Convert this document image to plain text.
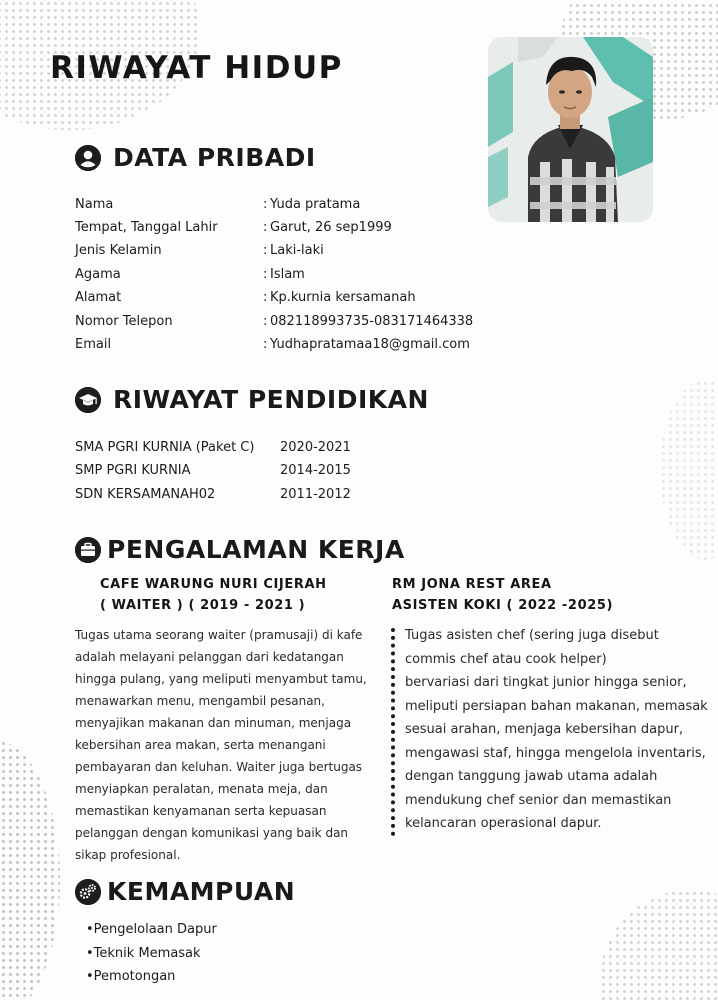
RIWAYAT HIDUP
DATA PRIBADI
Nama	: Yuda pratama
Tempat, Tanggal Lahir	: Garut, 26 sep1999
Jenis Kelamin	: Laki-laki
Agama	: Islam
Alamat	: Kp.kurnia kersamanah
Nomor Telepon	: 082118993735-083171464338
Email	: Yudhapratamaa18@gmail.com
RIWAYAT PENDIDIKAN
SMA PGRI KURNIA (Paket C) 2020-2021
SMP PGRI KURNIA	2014-2015
SDN KERSAMANAH02	2011-2012
PENGALAMAN KERJA
CAFE WARUNG NURI CIJERAH
( WAITER ) ( 2019 - 2021 )
RM JONA REST AREA
ASISTEN KOKI ( 2022 -2025)
Tugas utama seorang waiter (pramusaji) di kafe
adalah melayani pelanggan dari kedatangan
hingga pulang, yang meliputi menyambut tamu,
menawarkan menu, mengambil pesanan,
menyajikan makanan dan minuman, menjaga
kebersihan area makan, serta menangani
pembayaran dan keluhan. Waiter juga bertugas
menyiapkan peralatan, menata meja, dan
memastikan kenyamanan serta kepuasan
pelanggan dengan komunikasi yang baik dan
sikap profesional.
Tugas asisten chef (sering juga disebut
commis chef atau cook helper)
bervariasi dari tingkat junior hingga senior,
meliputi persiapan bahan makanan, memasak
sesuai arahan, menjaga kebersihan dapur,
mengawasi staf, hingga mengelola inventaris,
dengan tanggung jawab utama adalah
mendukung chef senior dan memastikan
kelancaran operasional dapur.
KEMAMPUAN
•Pengelolaan Dapur
•Teknik Memasak
•Pemotongan
